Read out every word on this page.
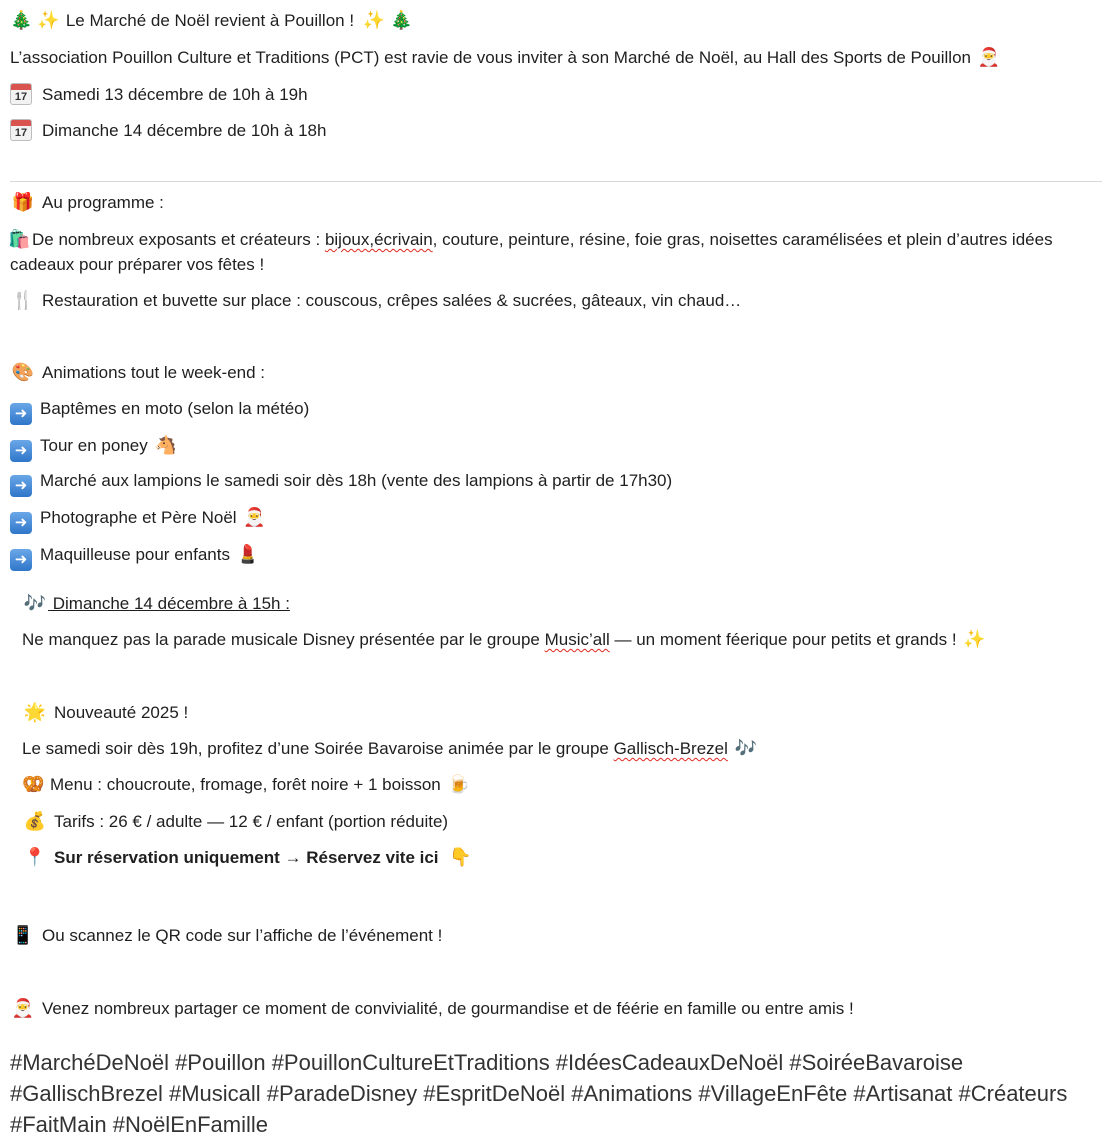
🎄 ✨ Le Marché de Noël revient à Pouillon ! ✨ 🎄
L’association Pouillon Culture et Traditions (PCT) est ravie de vous inviter à son Marché de Noël, au Hall des Sports de Pouillon 🎅
17 Samedi 13 décembre de 10h à 19h
17 Dimanche 14 décembre de 10h à 18h
🎁 Au programme :
🛍️De nombreux exposants et créateurs : bijoux,écrivain, couture, peinture, résine, foie gras, noisettes caramélisées et plein d’autres idées cadeaux pour préparer vos fêtes !
🍴 Restauration et buvette sur place : couscous, crêpes salées & sucrées, gâteaux, vin chaud…
🎨 Animations tout le week-end :
➜ Baptêmes en moto (selon la météo)
➜ Tour en poney 🐴
➜ Marché aux lampions le samedi soir dès 18h (vente des lampions à partir de 17h30)
➜ Photographe et Père Noël 🎅
➜ Maquilleuse pour enfants 💄
🎶 Dimanche 14 décembre à 15h :
Ne manquez pas la parade musicale Disney présentée par le groupe Music’all — un moment féerique pour petits et grands ! ✨
🌟 Nouveauté 2025 !
Le samedi soir dès 19h, profitez d’une Soirée Bavaroise animée par le groupe Gallisch-Brezel 🎶
🥨 Menu : choucroute, fromage, forêt noire + 1 boisson 🍺
💰 Tarifs : 26 € / adulte — 12 € / enfant (portion réduite)
📍 Sur réservation uniquement → Réservez vite ici 👇
📱 Ou scannez le QR code sur l’affiche de l’événement !
🎅 Venez nombreux partager ce moment de convivialité, de gourmandise et de féérie en famille ou entre amis !
#MarchéDeNoël #Pouillon #PouillonCultureEtTraditions #IdéesCadeauxDeNoël #SoiréeBavaroise #GallischBrezel #Musicall #ParadeDisney #EspritDeNoël #Animations #VillageEnFête #Artisanat #Créateurs #FaitMain #NoëlEnFamille
